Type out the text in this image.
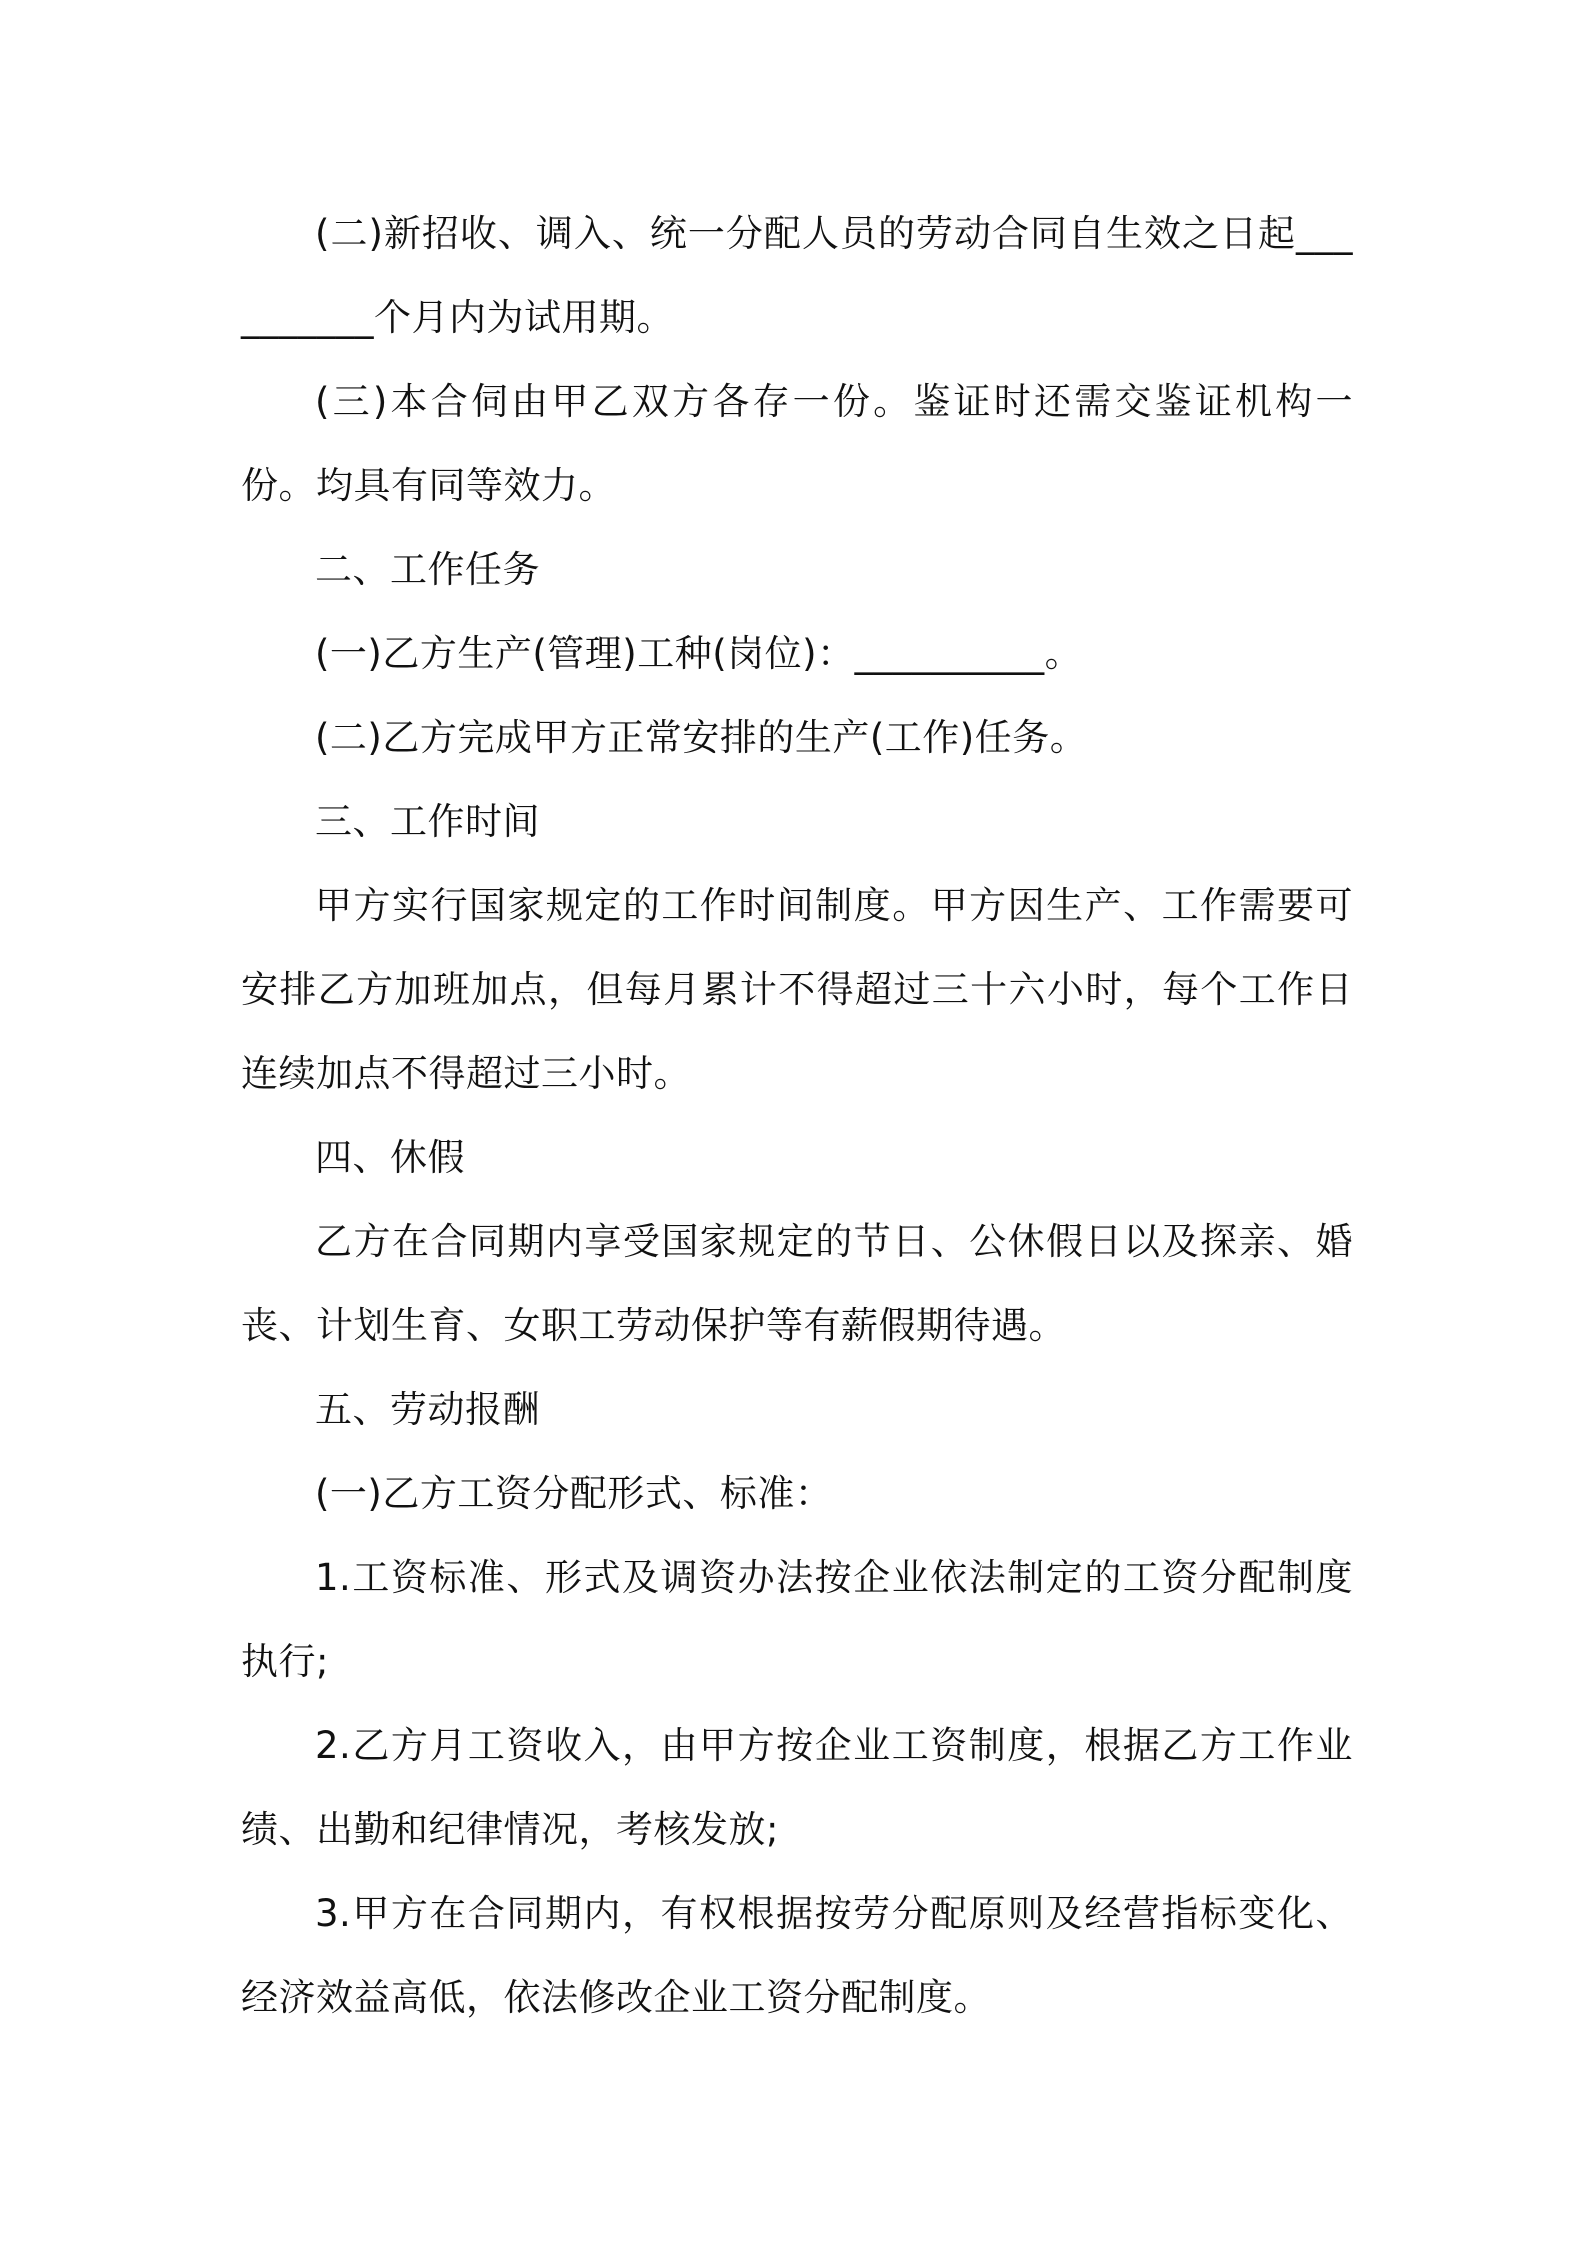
(二)新招收、调入、统一分配人员的劳动合同自生效之日起__________个月内为试用期。

(三)本合伺由甲乙双方各存一份。鉴证时还需交鉴证机构一份。均具有同等效力。

二、工作任务

(一)乙方生产(管理)工种(岗位)：__________。

(二)乙方完成甲方正常安排的生产(工作)任务。

三、工作时间

甲方实行国家规定的工作时间制度。甲方因生产、工作需要可安排乙方加班加点，但每月累计不得超过三十六小时，每个工作日连续加点不得超过三小时。

四、休假

乙方在合同期内享受国家规定的节日、公休假日以及探亲、婚丧、计划生育、女职工劳动保护等有薪假期待遇。

五、劳动报酬

(一)乙方工资分配形式、标准：

1.工资标准、形式及调资办法按企业依法制定的工资分配制度执行;

2.乙方月工资收入，由甲方按企业工资制度，根据乙方工作业绩、出勤和纪律情况，考核发放;

3.甲方在合同期内，有权根据按劳分配原则及经营指标变化、经济效益高低，依法修改企业工资分配制度。
